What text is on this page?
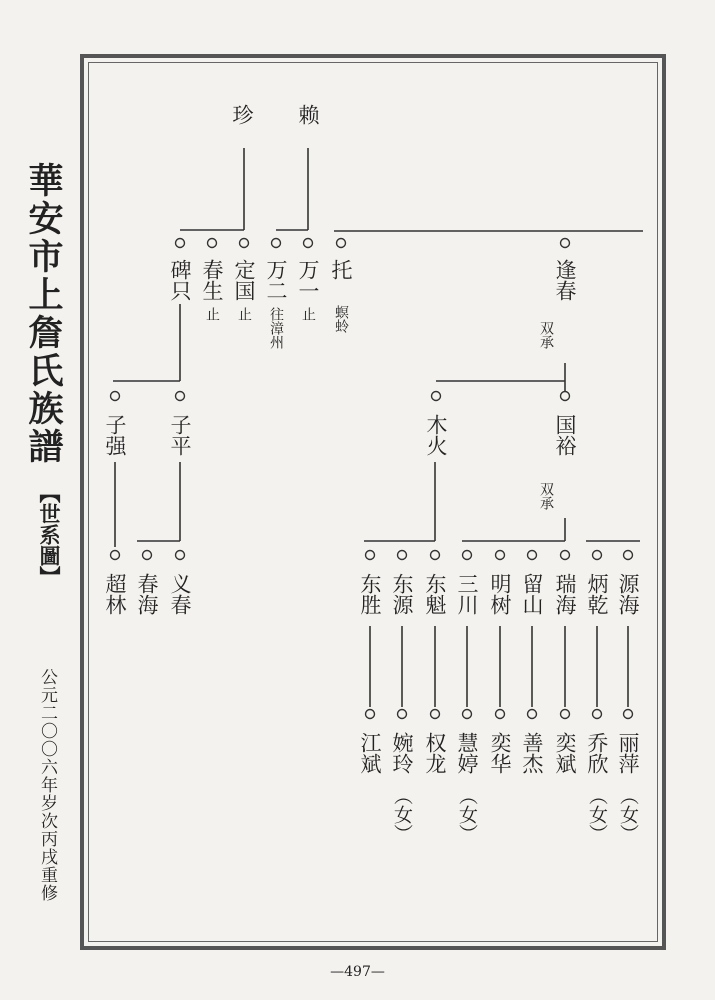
華安市上詹氏族譜
【世系圖】
公元二〇〇六年岁次丙戌重修
珍 赖
碑只 春生
止
定国
止
万二
往漳州
万一
止
托
螟蛉
逢春
双承
子强 子平	木火	国裕
双承
超林 春海 义春	东胜 东源 东魁 三川 明树 留山 瑞海 炳乾 源海
江斌 婉玲
（女）
权龙 慧婷
（女）
奕华 善杰 奕斌 乔欣
（女）
丽萍
（女）
—497—
